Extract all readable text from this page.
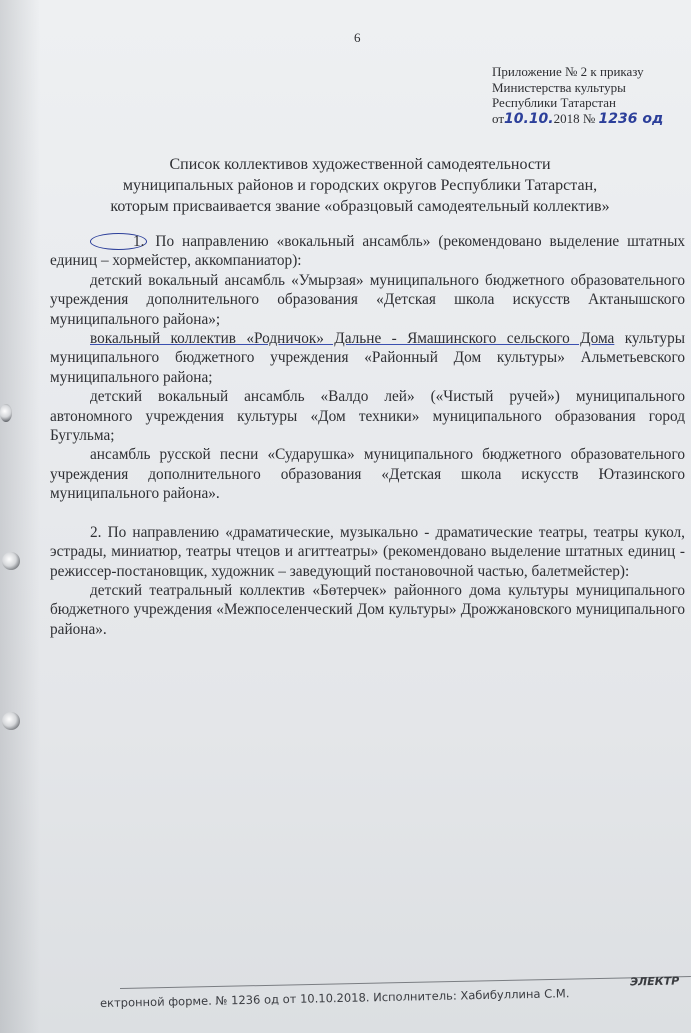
6
Приложение № 2 к приказу
Министерства культуры
Республики Татарстан
от10.10.2018 № 1236 од
Список коллективов художественной самодеятельности
муниципальных районов и городских округов Республики Татарстан,
которым присваивается звание «образцовый самодеятельный коллектив»

1. По направлению «вокальный ансамбль» (рекомендовано выделение штатных единиц – хормейстер, аккомпаниатор):

детский вокальный ансамбль «Умырзая» муниципального бюджетного образовательного учреждения дополнительного образования «Детская школа искусств Актанышского муниципального района»;

вокальный коллектив «Родничок» Дальне - Ямашинского сельского Дома культуры муниципального бюджетного учреждения «Районный Дом культуры» Альметьевского муниципального района;

детский вокальный ансамбль «Валдо лей» («Чистый ручей») муниципального автономного учреждения культуры «Дом техники» муниципального образования город Бугульма;

ансамбль русской песни «Сударушка» муниципального бюджетного образовательного учреждения дополнительного образования «Детская школа искусств Ютазинского муниципального района».

2. По направлению «драматические, музыкально - драматические театры, театры кукол, эстрады, миниатюр, театры чтецов и агиттеатры» (рекомендовано выделение штатных единиц - режиссер-постановщик, художник – заведующий постановочной частью, балетмейстер):

детский театральный коллектив «Бөтерчек» районного дома культуры муниципального бюджетного учреждения «Межпоселенческий Дом культуры» Дрожжановского муниципального района».

ЭЛЕКТР
ектронной форме. № 1236 од от 10.10.2018. Исполнитель: Хабибуллина С.М.
